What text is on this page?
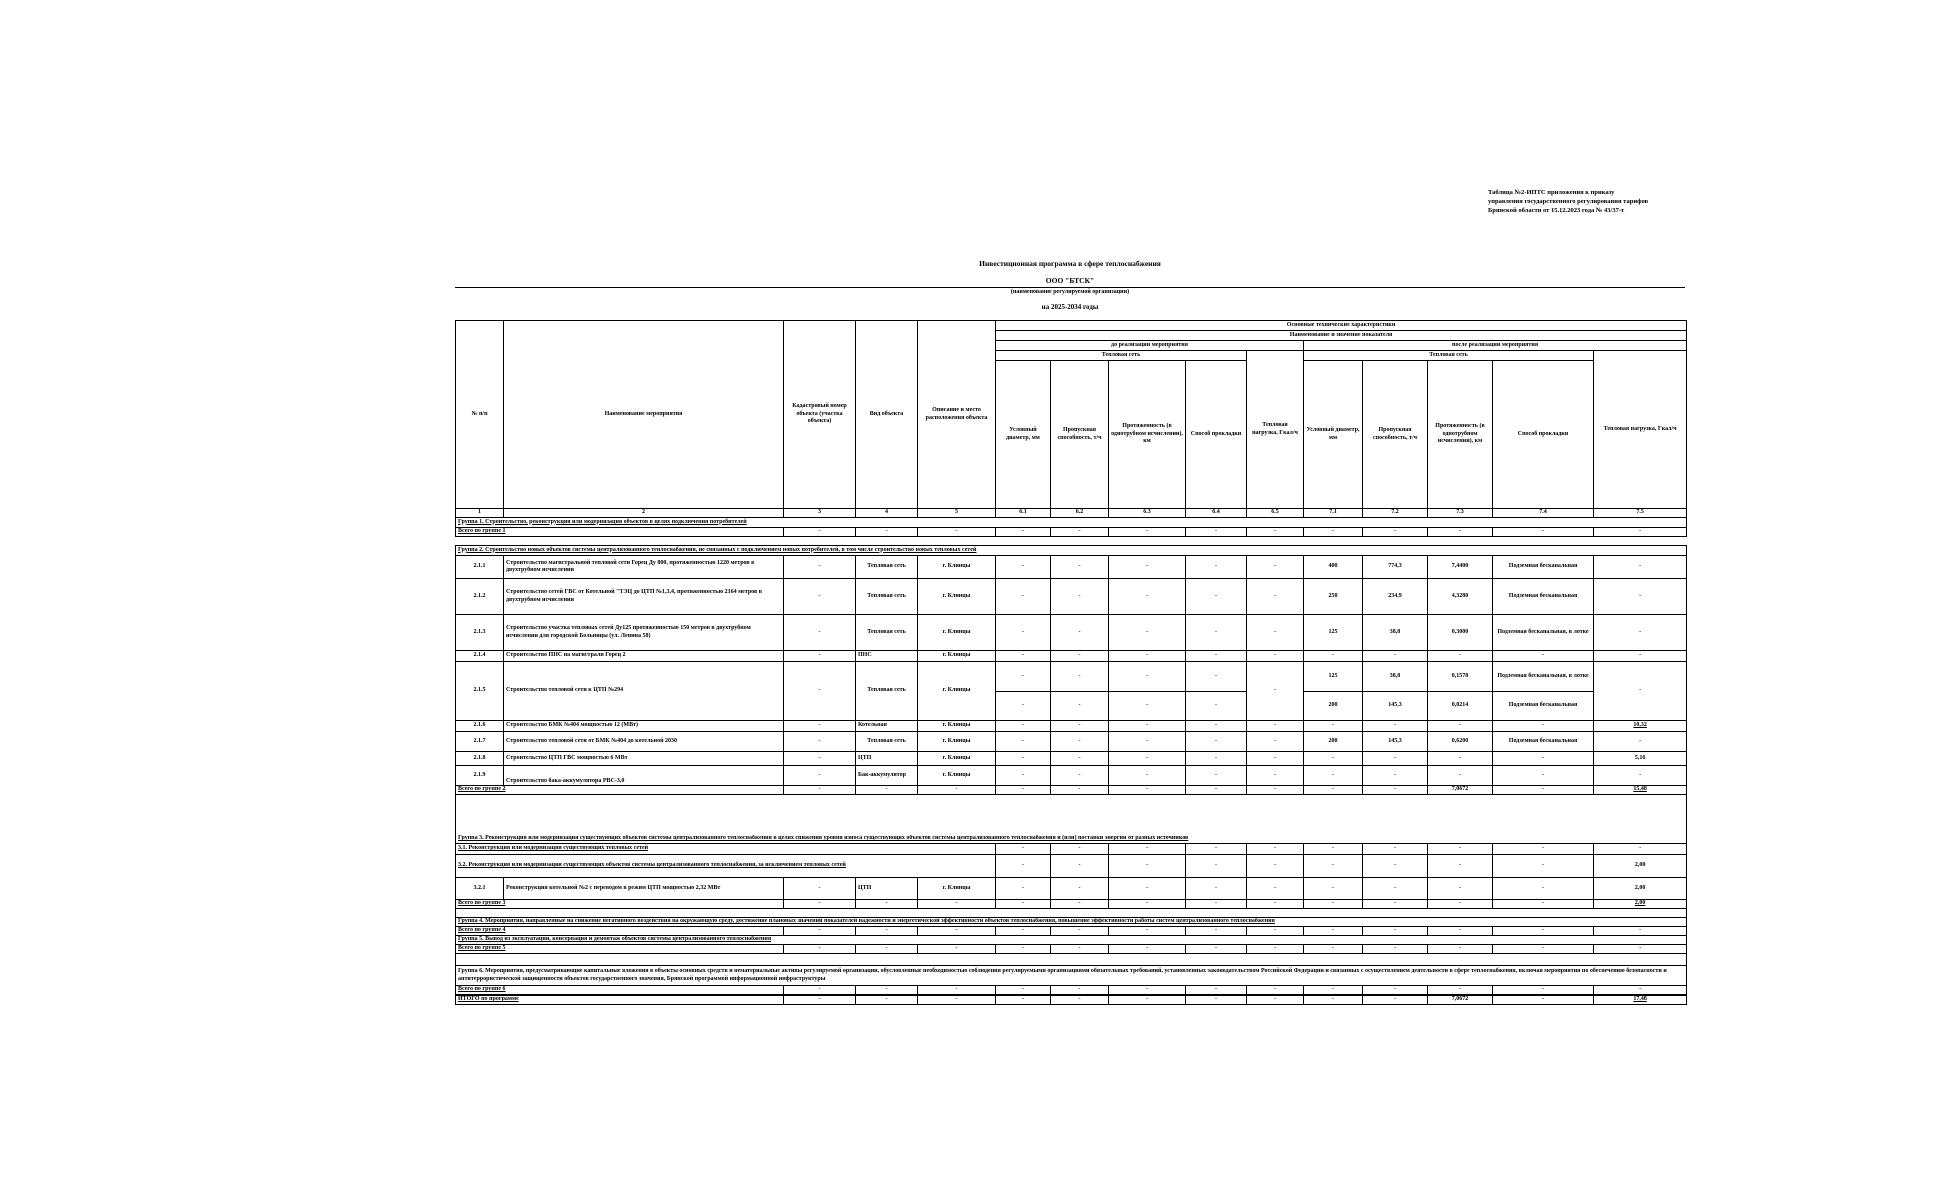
Таблица №2-ИПТС приложения к приказу
управления государственного регулирования тарифов
Брянской области от 15.12.2023 года № 43/37-т
Инвестиционная программа в сфере теплоснабжения
ООО "БТСК"
(наименование регулируемой организации)
на 2025-2034 годы
№ п/п	Наименование мероприятия	Кадастровый номер объекта (участка объекта)	Вид объекта	Описание и место расположения объекта	Основные технические характеристики									
					Наименование и значение показателя									
					до реализации мероприятия					после реализации мероприятия				
					Тепловая сеть				Тепловая нагрузка, Гкал/ч	Тепловая сеть				Тепловая нагрузка, Гкал/ч
					Условный диаметр, мм	Пропускная способность, т/ч	Протяженность (в однотрубном исчислении), км	Способ прокладки		Условный диаметр, мм	Пропускная способность, т/ч	Протяженность (в однотрубном исчислении), км	Способ прокладки	
1	2	3	4	5	6.1	6.2	6.3	6.4	6.5	7.1	7.2	7.3	7.4	7.5
Группа 1. Строительство, реконструкция или модернизация объектов в целях подключения потребителей														
Всего по группе 1		-	-	-	-	-	-	-	-	-	-	-	-	-

Группа 2. Строительство новых объектов системы централизованного теплоснабжения, не связанных с подключением новых потребителей, в том числе строительство новых тепловых сетей														
2.1.1	Строительство магистральной тепловой сети Горец Ду 800, протяженностью 1220 метров в двухтрубном исчислении	-	Тепловая сеть	г. Клинцы	-	-	-	-	-	400	774,3	7,4400	Подземная бесканальная	-
2.1.2	Строительство сетей ГВС от Котельной "ТЭЦ до ЦТП №1,3,4, протяженностью 2164 метров в двухтрубном исчислении	-	Тепловая сеть	г. Клинцы	-	-	-	-	-	250	234,9	4,3280	Подземная бесканальная	-
2.1.3	Строительство участка тепловых сетей Ду125 протяженностью 150 метров в двухтрубном исчислении для городской Больницы (ул. Ленина 58)	-	Тепловая сеть	г. Клинцы	-	-	-	-	-	125	38,8	0,3000	Подземная бесканальная, в лотке	-
2.1.4	Строительство ПНС на магистрали Горец 2	-	ПНС	г. Клинцы	-	-	-	-	-	-	-	-	-	-
2.1.5	Строительство тепловой сети к ЦТП №294	-	Тепловая сеть	г. Клинцы	-	-	-	-	-	125	38,8	0,1578	Подземная бесканальная, в лотке	-
					-	-	-	-		200	145,3	0,0214	Подземная бесканальная	
2.1.6	Строительство БМК №404 мощностью 12 (МВт)	-	Котельная	г. Клинцы	-	-	-	-	-	-	-	-	-	10,32
2.1.7	Строительство тепловой сети от БМК №404 до котельной 2030	-	Тепловая сеть	г. Клинцы	-	-	-	-	-	200	145,3	0,6200	Подземная бесканальная	-
2.1.8	Строительство ЦТП ГВС мощностью 6 МВт	-	ЦТП	г. Клинцы	-	-	-	-	-	-	-	-	-	5,16
2.1.9	Строительство бака-аккумулятора РВС-3,0	-	Бак-аккумулятор	г. Клинцы	-	-	-	-	-	-	-	-	-	-
Всего по группе 2		-	-	-	-	-	-	-	-	-	-	7,0672	-	15,48

Группа 3. Реконструкция или модернизация существующих объектов системы централизованного теплоснабжения в целях снижения уровня износа существующих объектов системы централизованного теплоснабжения и (или) поставки энергии от разных источников														
3.1. Реконструкция или модернизация существующих тепловых сетей					-	-	-	-	-	-	-	-	-	-
3.2. Реконструкция или модернизация существующих объектов системы централизованного теплоснабжения, за исключением тепловых сетей					-	-	-	-	-	-	-	-	-	2,00
3.2.1	Реконструкция котельной №2 с переводом в режим ЦТП мощностью 2,32 МВт	-	ЦТП	г. Клинцы	-	-	-	-	-	-	-	-	-	2,00
Всего по группе 3		-	-	-	-	-	-	-	-	-	-	-	-	2,00

Группа 4. Мероприятия, направленные на снижение негативного воздействия на окружающую среду, достижение плановых значений показателей надежности и энергетической эффективности объектов теплоснабжения, повышение эффективности работы систем централизованного теплоснабжения														
Всего по группе 4		-	-	-	-	-	-	-	-	-	-	-	-	-
Группа 5. Вывод из эксплуатации, консервация и демонтаж объектов системы централизованного теплоснабжения														
Всего по группе 5		-	-	-	-	-	-	-	-	-	-	-	-	-

Группа 6. Мероприятия, предусматривающие капитальные вложения в объекты основных средств и нематериальные активы регулируемой организации, обусловленные необходимостью соблюдения регулируемыми организациями обязательных требований, установленных законодательством Российской Федерации и связанных с осуществлением деятельности в сфере теплоснабжения, включая мероприятия по обеспечению безопасности и антитеррористической защищенности объектов государственного значения, Брянской программой информационной инфраструктуры														
Всего по группе 6		-	-	-	-	-	-	-	-	-	-	-	-	-
ИТОГО по программе		-	-	-	-	-	-	-	-	-	-	7,0672	-	17,48
